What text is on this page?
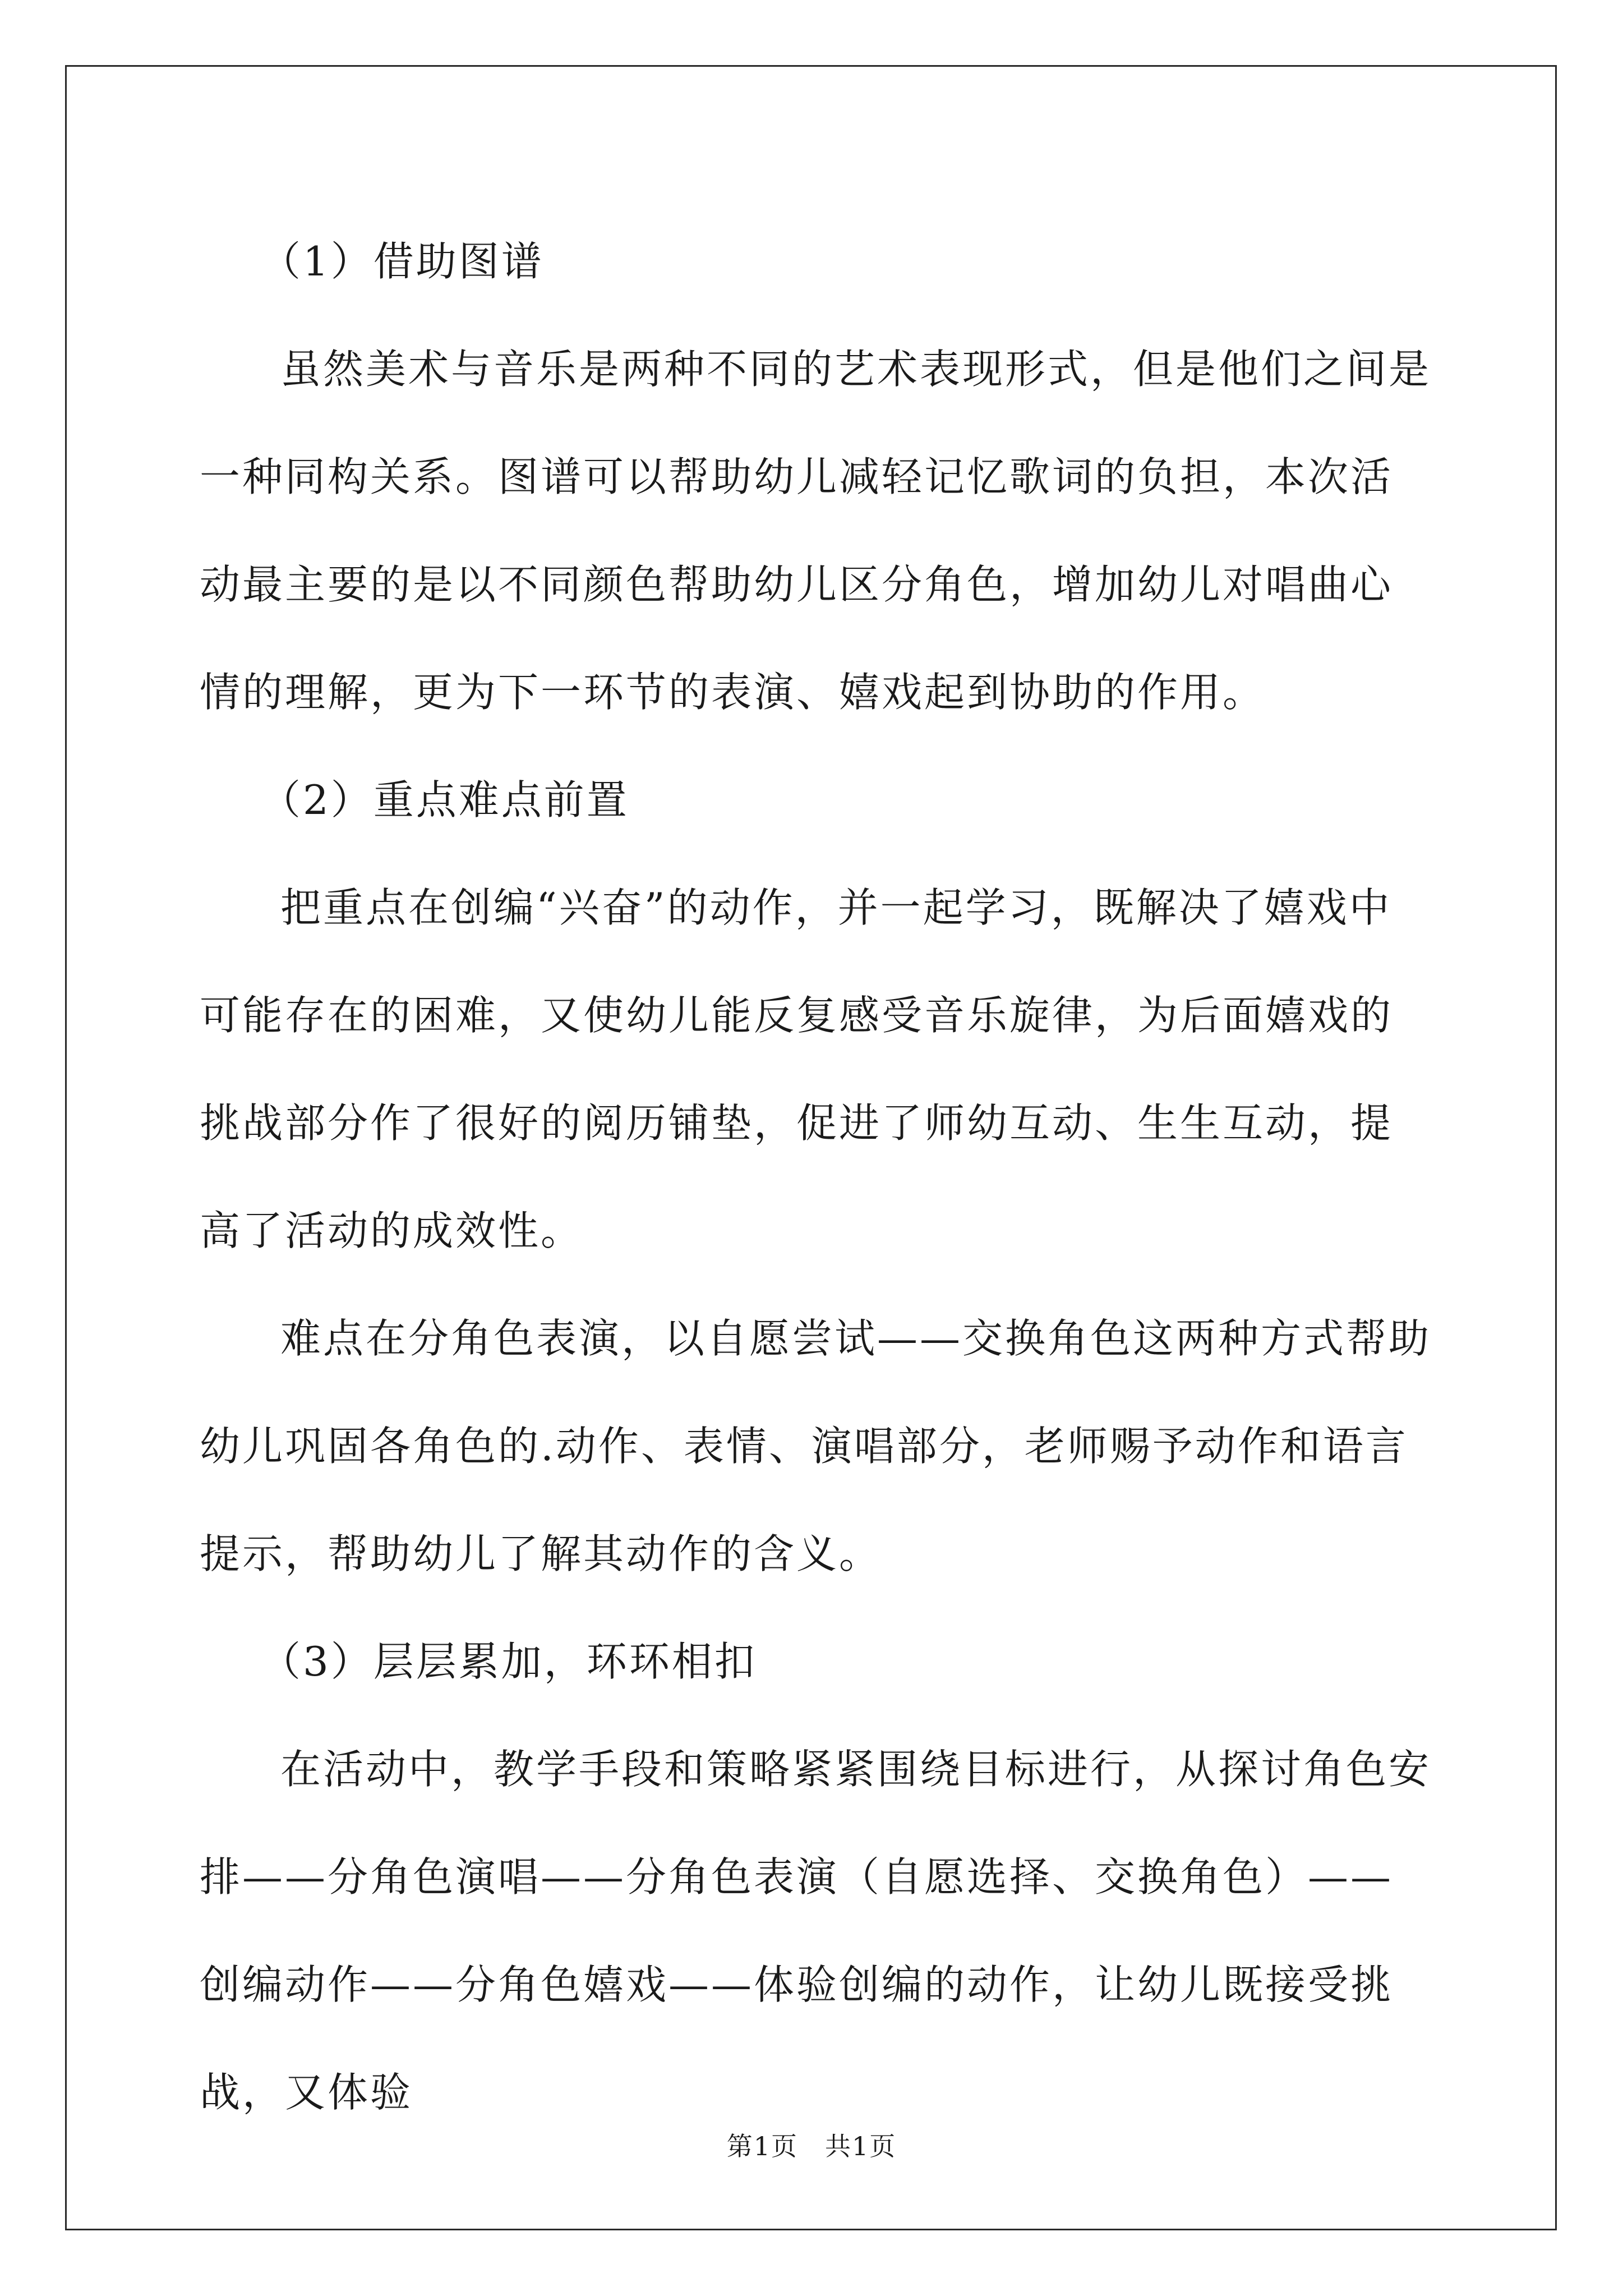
（1）借助图谱

虽然美术与音乐是两种不同的艺术表现形式，但是他们之间是一种同构关系。图谱可以帮助幼儿减轻记忆歌词的负担，本次活动最主要的是以不同颜色帮助幼儿区分角色，增加幼儿对唱曲心情的理解，更为下一环节的表演、嬉戏起到协助的作用。

（2）重点难点前置

把重点在创编“兴奋”的动作，并一起学习，既解决了嬉戏中可能存在的困难，又使幼儿能反复感受音乐旋律，为后面嬉戏的挑战部分作了很好的阅历铺垫，促进了师幼互动、生生互动，提高了活动的成效性。

难点在分角色表演，以自愿尝试——交换角色这两种方式帮助幼儿巩固各角色的.动作、表情、演唱部分，老师赐予动作和语言提示，帮助幼儿了解其动作的含义。

（3）层层累加，环环相扣

在活动中，教学手段和策略紧紧围绕目标进行，从探讨角色安排——分角色演唱——分角色表演（自愿选择、交换角色）——创编动作——分角色嬉戏——体验创编的动作，让幼儿既接受挑战，又体验

第1页　共1页
